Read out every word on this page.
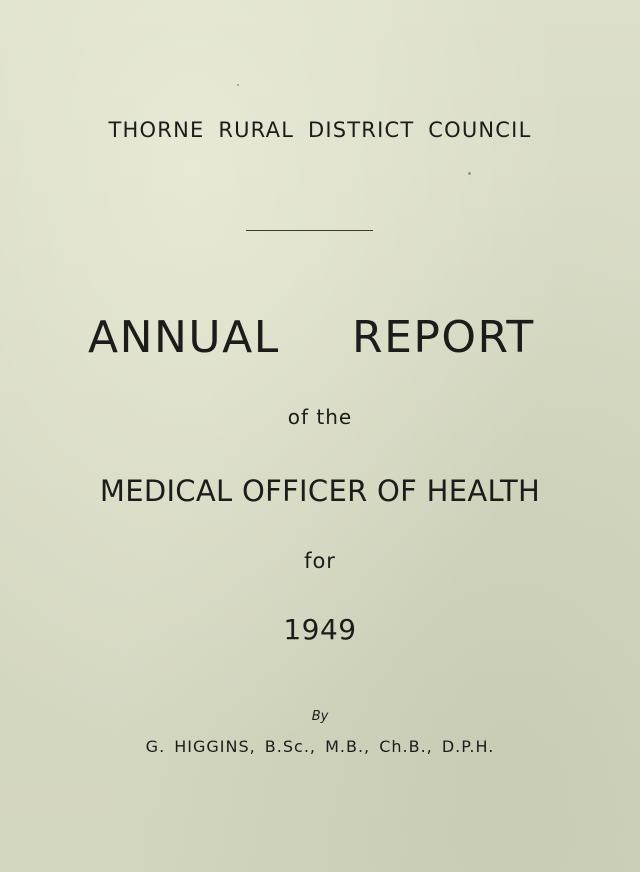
THORNE RURAL DISTRICT COUNCIL
ANNUAL REPORT
of the
MEDICAL OFFICER OF HEALTH
for
1949
By
G. HIGGINS, B.Sc., M.B., Ch.B., D.P.H.
